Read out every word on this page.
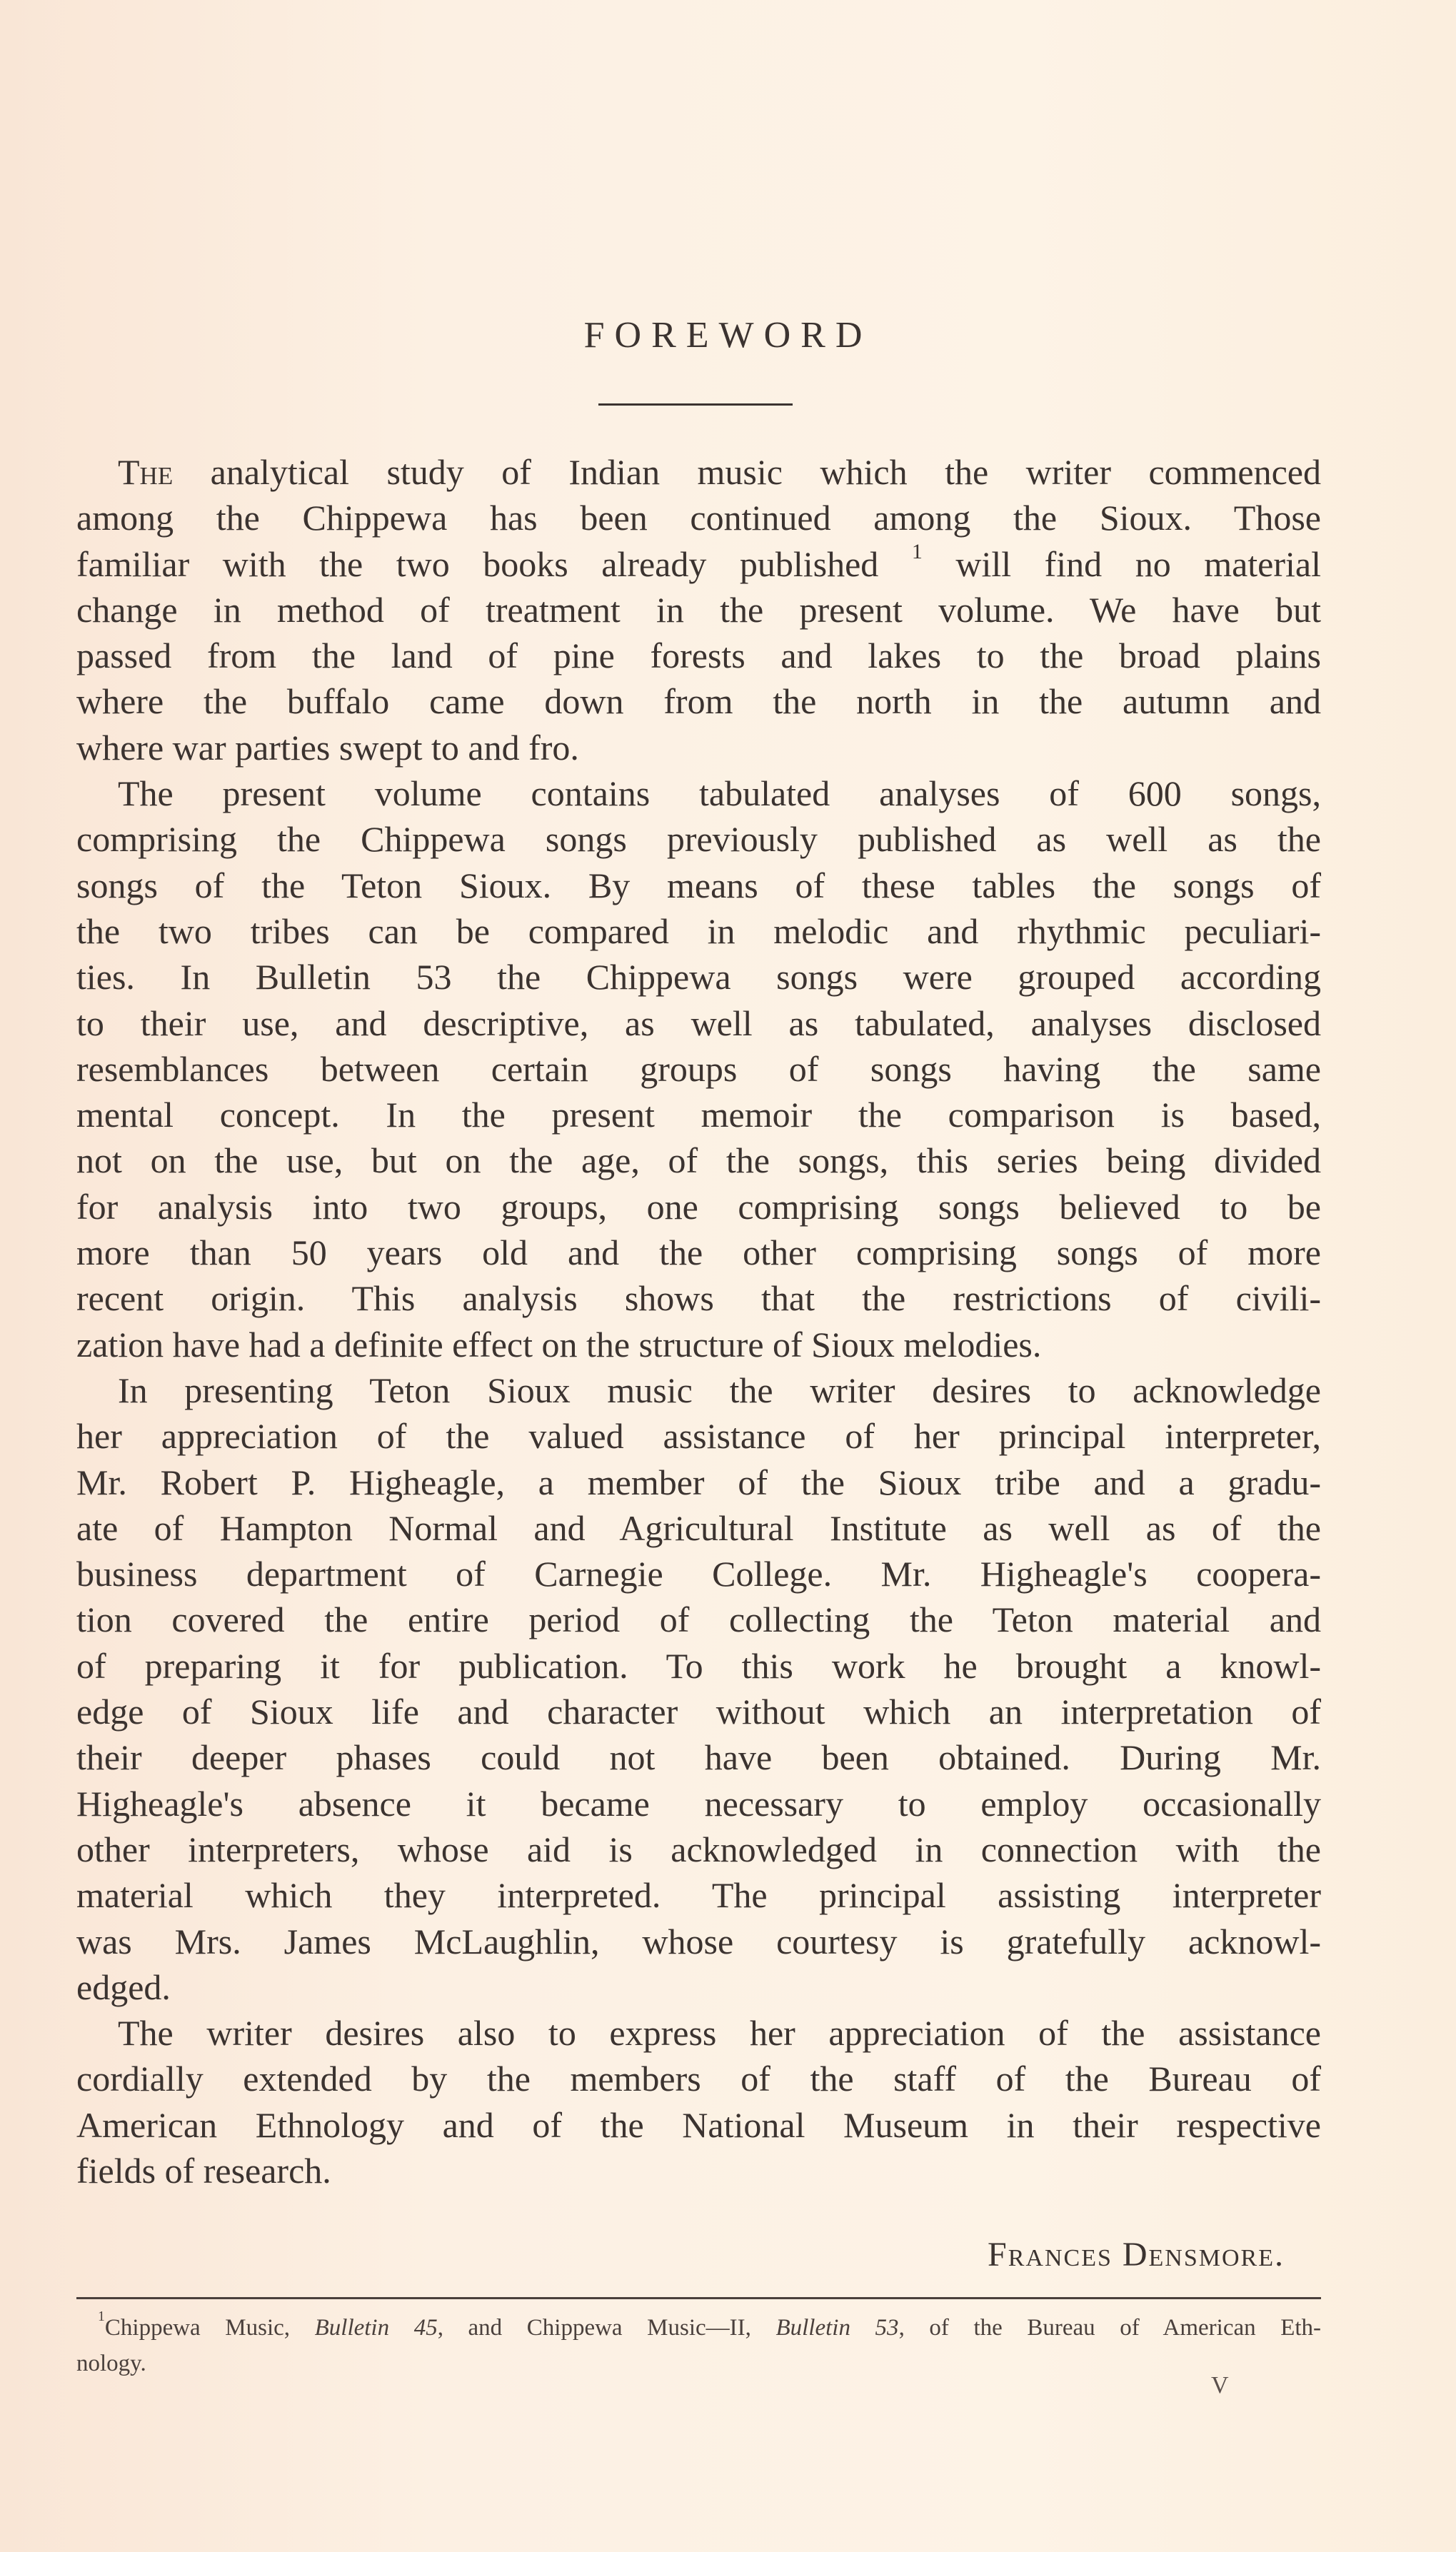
FOREWORD
The analytical study of Indian music which the writer commenced
among the Chippewa has been continued among the Sioux. Those
familiar with the two books already published $^1$ will find no material
change in method of treatment in the present volume. We have but
passed from the land of pine forests and lakes to the broad plains
where the buffalo came down from the north in the autumn and
where war parties swept to and fro.
The present volume contains tabulated analyses of 600 songs,
comprising the Chippewa songs previously published as well as the
songs of the Teton Sioux. By means of these tables the songs of
the two tribes can be compared in melodic and rhythmic peculiari-
ties. In Bulletin 53 the Chippewa songs were grouped according
to their use, and descriptive, as well as tabulated, analyses disclosed
resemblances between certain groups of songs having the same
mental concept. In the present memoir the comparison is based,
not on the use, but on the age, of the songs, this series being divided
for analysis into two groups, one comprising songs believed to be
more than 50 years old and the other comprising songs of more
recent origin. This analysis shows that the restrictions of civili-
zation have had a definite effect on the structure of Sioux melodies.
In presenting Teton Sioux music the writer desires to acknowledge
her appreciation of the valued assistance of her principal interpreter,
Mr. Robert P. Higheagle, a member of the Sioux tribe and a gradu-
ate of Hampton Normal and Agricultural Institute as well as of the
business department of Carnegie College. Mr. Higheagle's coopera-
tion covered the entire period of collecting the Teton material and
of preparing it for publication. To this work he brought a knowl-
edge of Sioux life and character without which an interpretation of
their deeper phases could not have been obtained. During Mr.
Higheagle's absence it became necessary to employ occasionally
other interpreters, whose aid is acknowledged in connection with the
material which they interpreted. The principal assisting interpreter
was Mrs. James McLaughlin, whose courtesy is gratefully acknowl-
edged.
The writer desires also to express her appreciation of the assistance
cordially extended by the members of the staff of the Bureau of
American Ethnology and of the National Museum in their respective
fields of research.
Frances Densmore.
$^1$Chippewa Music, Bulletin 45, and Chippewa Music—II, Bulletin 53, of the Bureau of American Eth-
nology.
V
